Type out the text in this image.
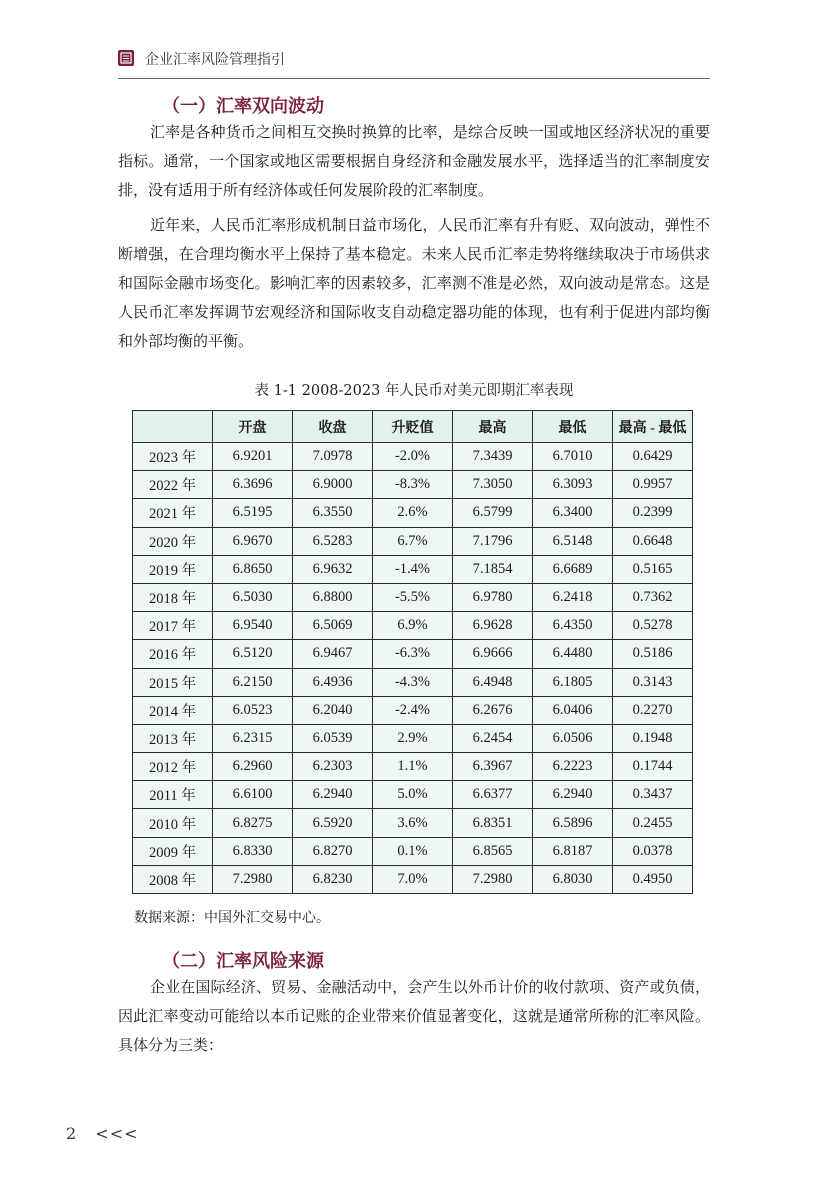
企业汇率风险管理指引
（一）汇率双向波动

汇率是各种货币之间相互交换时换算的比率，是综合反映一国或地区经济状况的重要指标。通常，一个国家或地区需要根据自身经济和金融发展水平，选择适当的汇率制度安排，没有适用于所有经济体或任何发展阶段的汇率制度。

近年来，人民币汇率形成机制日益市场化，人民币汇率有升有贬、双向波动，弹性不断增强，在合理均衡水平上保持了基本稳定。未来人民币汇率走势将继续取决于市场供求和国际金融市场变化。影响汇率的因素较多，汇率测不准是必然，双向波动是常态。这是人民币汇率发挥调节宏观经济和国际收支自动稳定器功能的体现，也有利于促进内部均衡和外部均衡的平衡。

表 1-1 2008-2023 年人民币对美元即期汇率表现
	开盘	收盘	升贬值	最高	最低	最高 - 最低
2023 年	6.9201	7.0978	-2.0%	7.3439	6.7010	0.6429
2022 年	6.3696	6.9000	-8.3%	7.3050	6.3093	0.9957
2021 年	6.5195	6.3550	2.6%	6.5799	6.3400	0.2399
2020 年	6.9670	6.5283	6.7%	7.1796	6.5148	0.6648
2019 年	6.8650	6.9632	-1.4%	7.1854	6.6689	0.5165
2018 年	6.5030	6.8800	-5.5%	6.9780	6.2418	0.7362
2017 年	6.9540	6.5069	6.9%	6.9628	6.4350	0.5278
2016 年	6.5120	6.9467	-6.3%	6.9666	6.4480	0.5186
2015 年	6.2150	6.4936	-4.3%	6.4948	6.1805	0.3143
2014 年	6.0523	6.2040	-2.4%	6.2676	6.0406	0.2270
2013 年	6.2315	6.0539	2.9%	6.2454	6.0506	0.1948
2012 年	6.2960	6.2303	1.1%	6.3967	6.2223	0.1744
2011 年	6.6100	6.2940	5.0%	6.6377	6.2940	0.3437
2010 年	6.8275	6.5920	3.6%	6.8351	6.5896	0.2455
2009 年	6.8330	6.8270	0.1%	6.8565	6.8187	0.0378
2008 年	7.2980	6.8230	7.0%	7.2980	6.8030	0.4950
数据来源：中国外汇交易中心。
（二）汇率风险来源

企业在国际经济、贸易、金融活动中，会产生以外币计价的收付款项、资产或负债，因此汇率变动可能给以本币记账的企业带来价值显著变化，这就是通常所称的汇率风险。具体分为三类：

2 <<<
